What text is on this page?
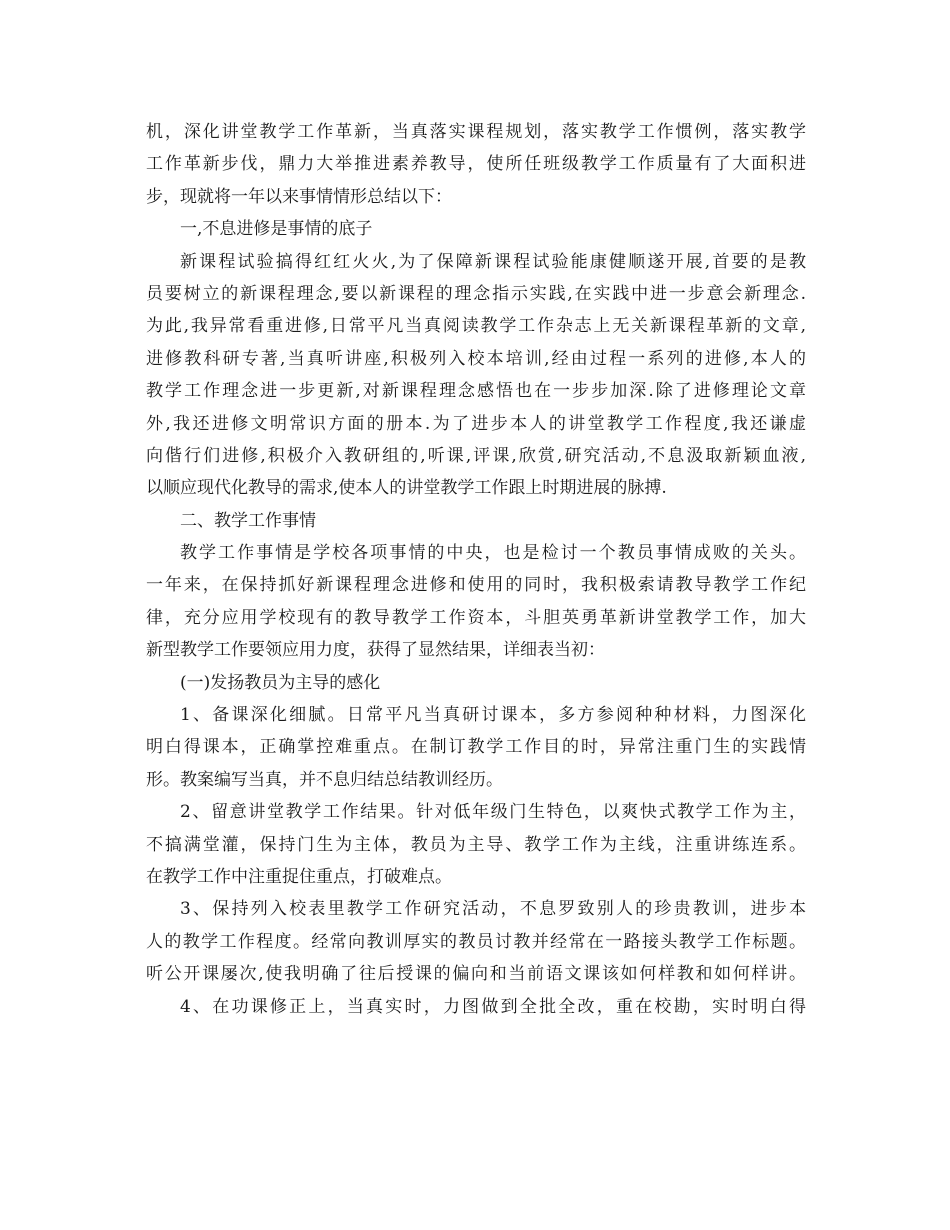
机，深化讲堂教学工作革新，当真落实课程规划，落实教学工作惯例，落实教学
工作革新步伐，鼎力大举推进素养教导，使所任班级教学工作质量有了大面积进
步，现就将一年以来事情情形总结以下：
一,不息进修是事情的底子
新课程试验搞得红红火火,为了保障新课程试验能康健顺遂开展,首要的是教
员要树立的新课程理念,要以新课程的理念指示实践,在实践中进一步意会新理念.
为此,我异常看重进修,日常平凡当真阅读教学工作杂志上无关新课程革新的文章,
进修教科研专著,当真听讲座,积极列入校本培训,经由过程一系列的进修,本人的
教学工作理念进一步更新,对新课程理念感悟也在一步步加深.除了进修理论文章
外,我还进修文明常识方面的册本.为了进步本人的讲堂教学工作程度,我还谦虚
向偕行们进修,积极介入教研组的,听课,评课,欣赏,研究活动,不息汲取新颖血液,
以顺应现代化教导的需求,使本人的讲堂教学工作跟上时期进展的脉搏.
二、教学工作事情
教学工作事情是学校各项事情的中央，也是检讨一个教员事情成败的关头。
一年来，在保持抓好新课程理念进修和使用的同时，我积极索请教导教学工作纪
律，充分应用学校现有的教导教学工作资本，斗胆英勇革新讲堂教学工作，加大
新型教学工作要领应用力度，获得了显然结果，详细表当初：
(一)发扬教员为主导的感化
1、备课深化细腻。日常平凡当真研讨课本，多方参阅种种材料，力图深化
明白得课本，正确掌控难重点。在制订教学工作目的时，异常注重门生的实践情
形。教案编写当真，并不息归结总结教训经历。
2、留意讲堂教学工作结果。针对低年级门生特色，以爽快式教学工作为主，
不搞满堂灌，保持门生为主体，教员为主导、教学工作为主线，注重讲练连系。
在教学工作中注重捉住重点，打破难点。
3、保持列入校表里教学工作研究活动，不息罗致别人的珍贵教训，进步本
人的教学工作程度。经常向教训厚实的教员讨教并经常在一路接头教学工作标题。
听公开课屡次,使我明确了往后授课的偏向和当前语文课该如何样教和如何样讲。
4、在功课修正上，当真实时，力图做到全批全改，重在校勘，实时明白得
